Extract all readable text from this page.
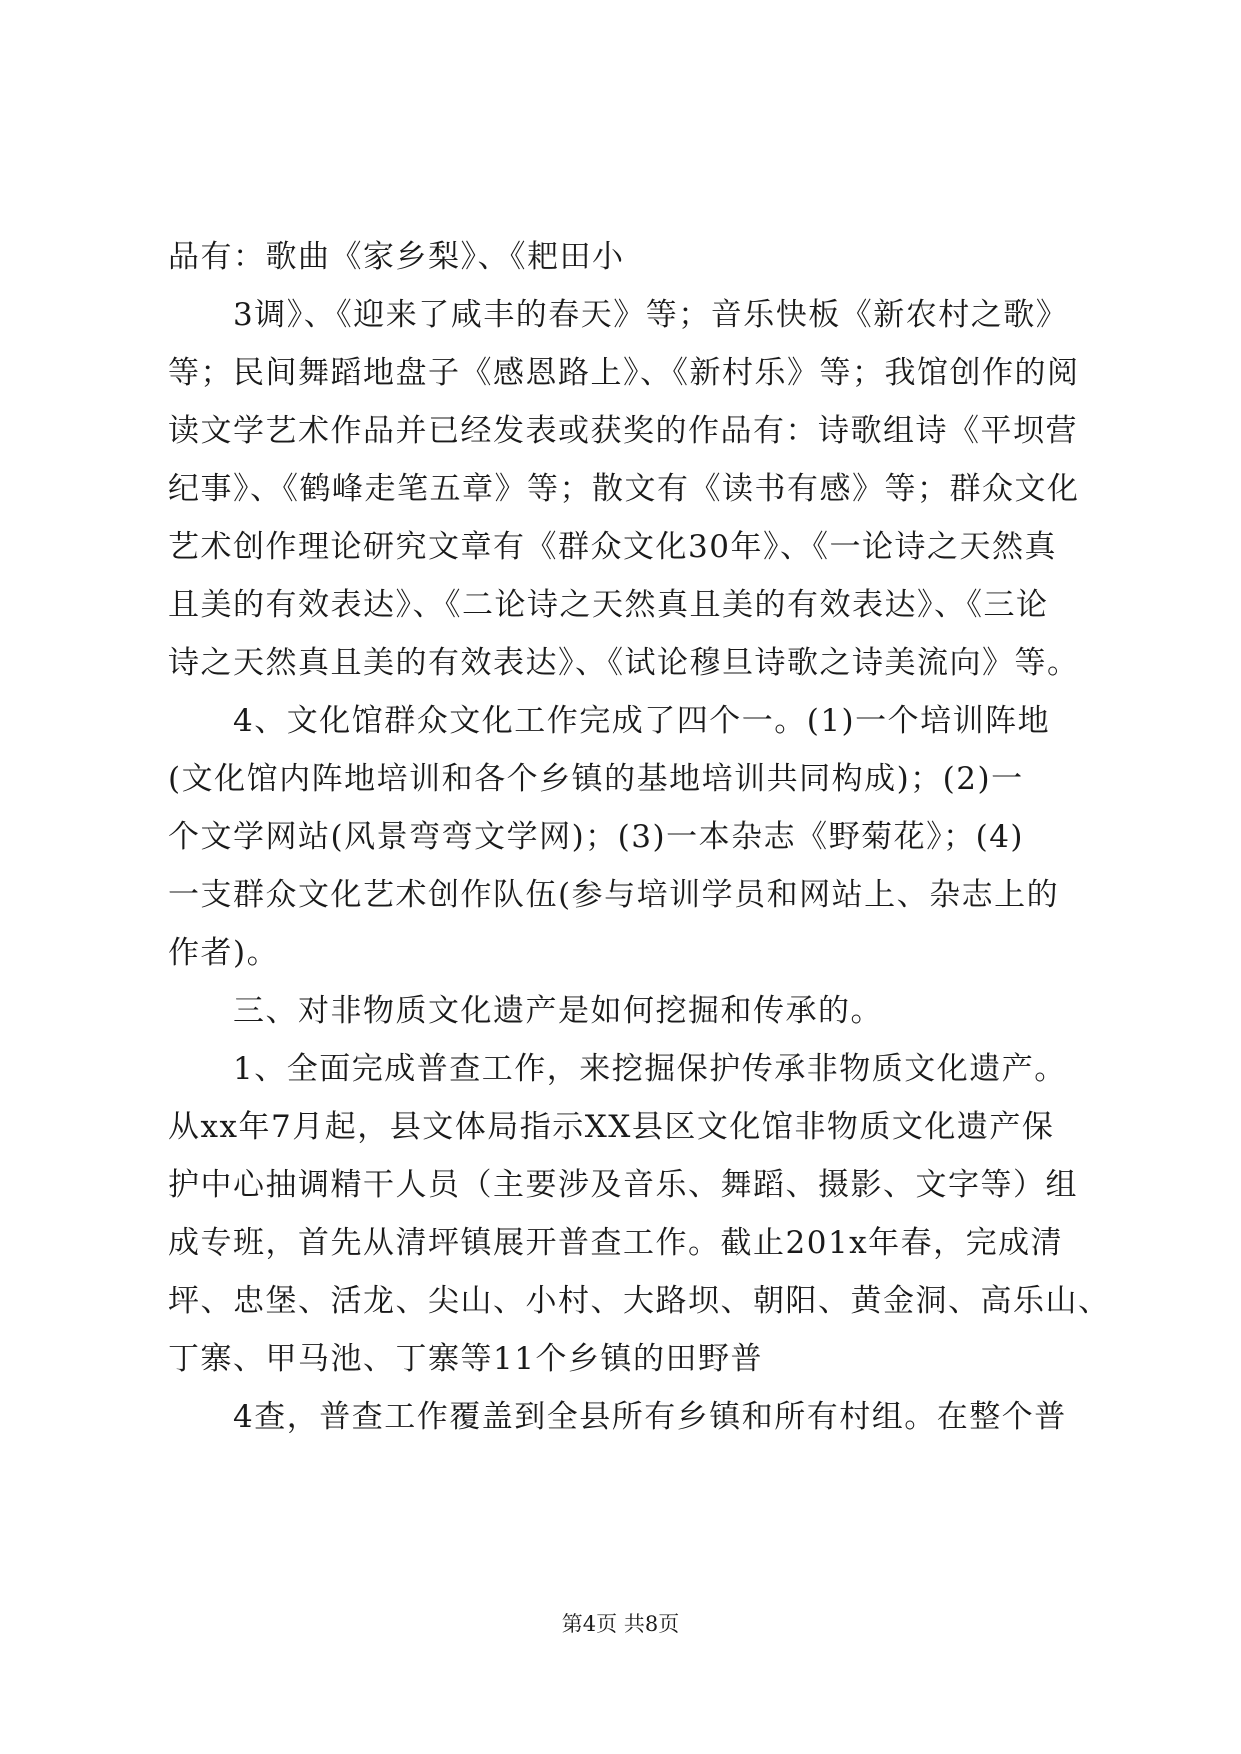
品有：歌曲《家乡梨》、《耙田小
　　3调》、《迎来了咸丰的春天》等；音乐快板《新农村之歌》
等；民间舞蹈地盘子《感恩路上》、《新村乐》等；我馆创作的阅
读文学艺术作品并已经发表或获奖的作品有：诗歌组诗《平坝营
纪事》、《鹤峰走笔五章》等；散文有《读书有感》等；群众文化
艺术创作理论研究文章有《群众文化30年》、《一论诗之天然真
且美的有效表达》、《二论诗之天然真且美的有效表达》、《三论
诗之天然真且美的有效表达》、《试论穆旦诗歌之诗美流向》等。
　　4、文化馆群众文化工作完成了四个一。(1)一个培训阵地
(文化馆内阵地培训和各个乡镇的基地培训共同构成)；(2)一
个文学网站(风景弯弯文学网)；(3)一本杂志《野菊花》；(4)
一支群众文化艺术创作队伍(参与培训学员和网站上、杂志上的
作者)。
　　三、对非物质文化遗产是如何挖掘和传承的。
　　1、全面完成普查工作，来挖掘保护传承非物质文化遗产。
从xx年7月起，县文体局指示XX县区文化馆非物质文化遗产保
护中心抽调精干人员（主要涉及音乐、舞蹈、摄影、文字等）组
成专班，首先从清坪镇展开普查工作。截止201x年春，完成清
坪、忠堡、活龙、尖山、小村、大路坝、朝阳、黄金洞、高乐山、
丁寨、甲马池、丁寨等11个乡镇的田野普
　　4查，普查工作覆盖到全县所有乡镇和所有村组。在整个普
第4页 共8页
